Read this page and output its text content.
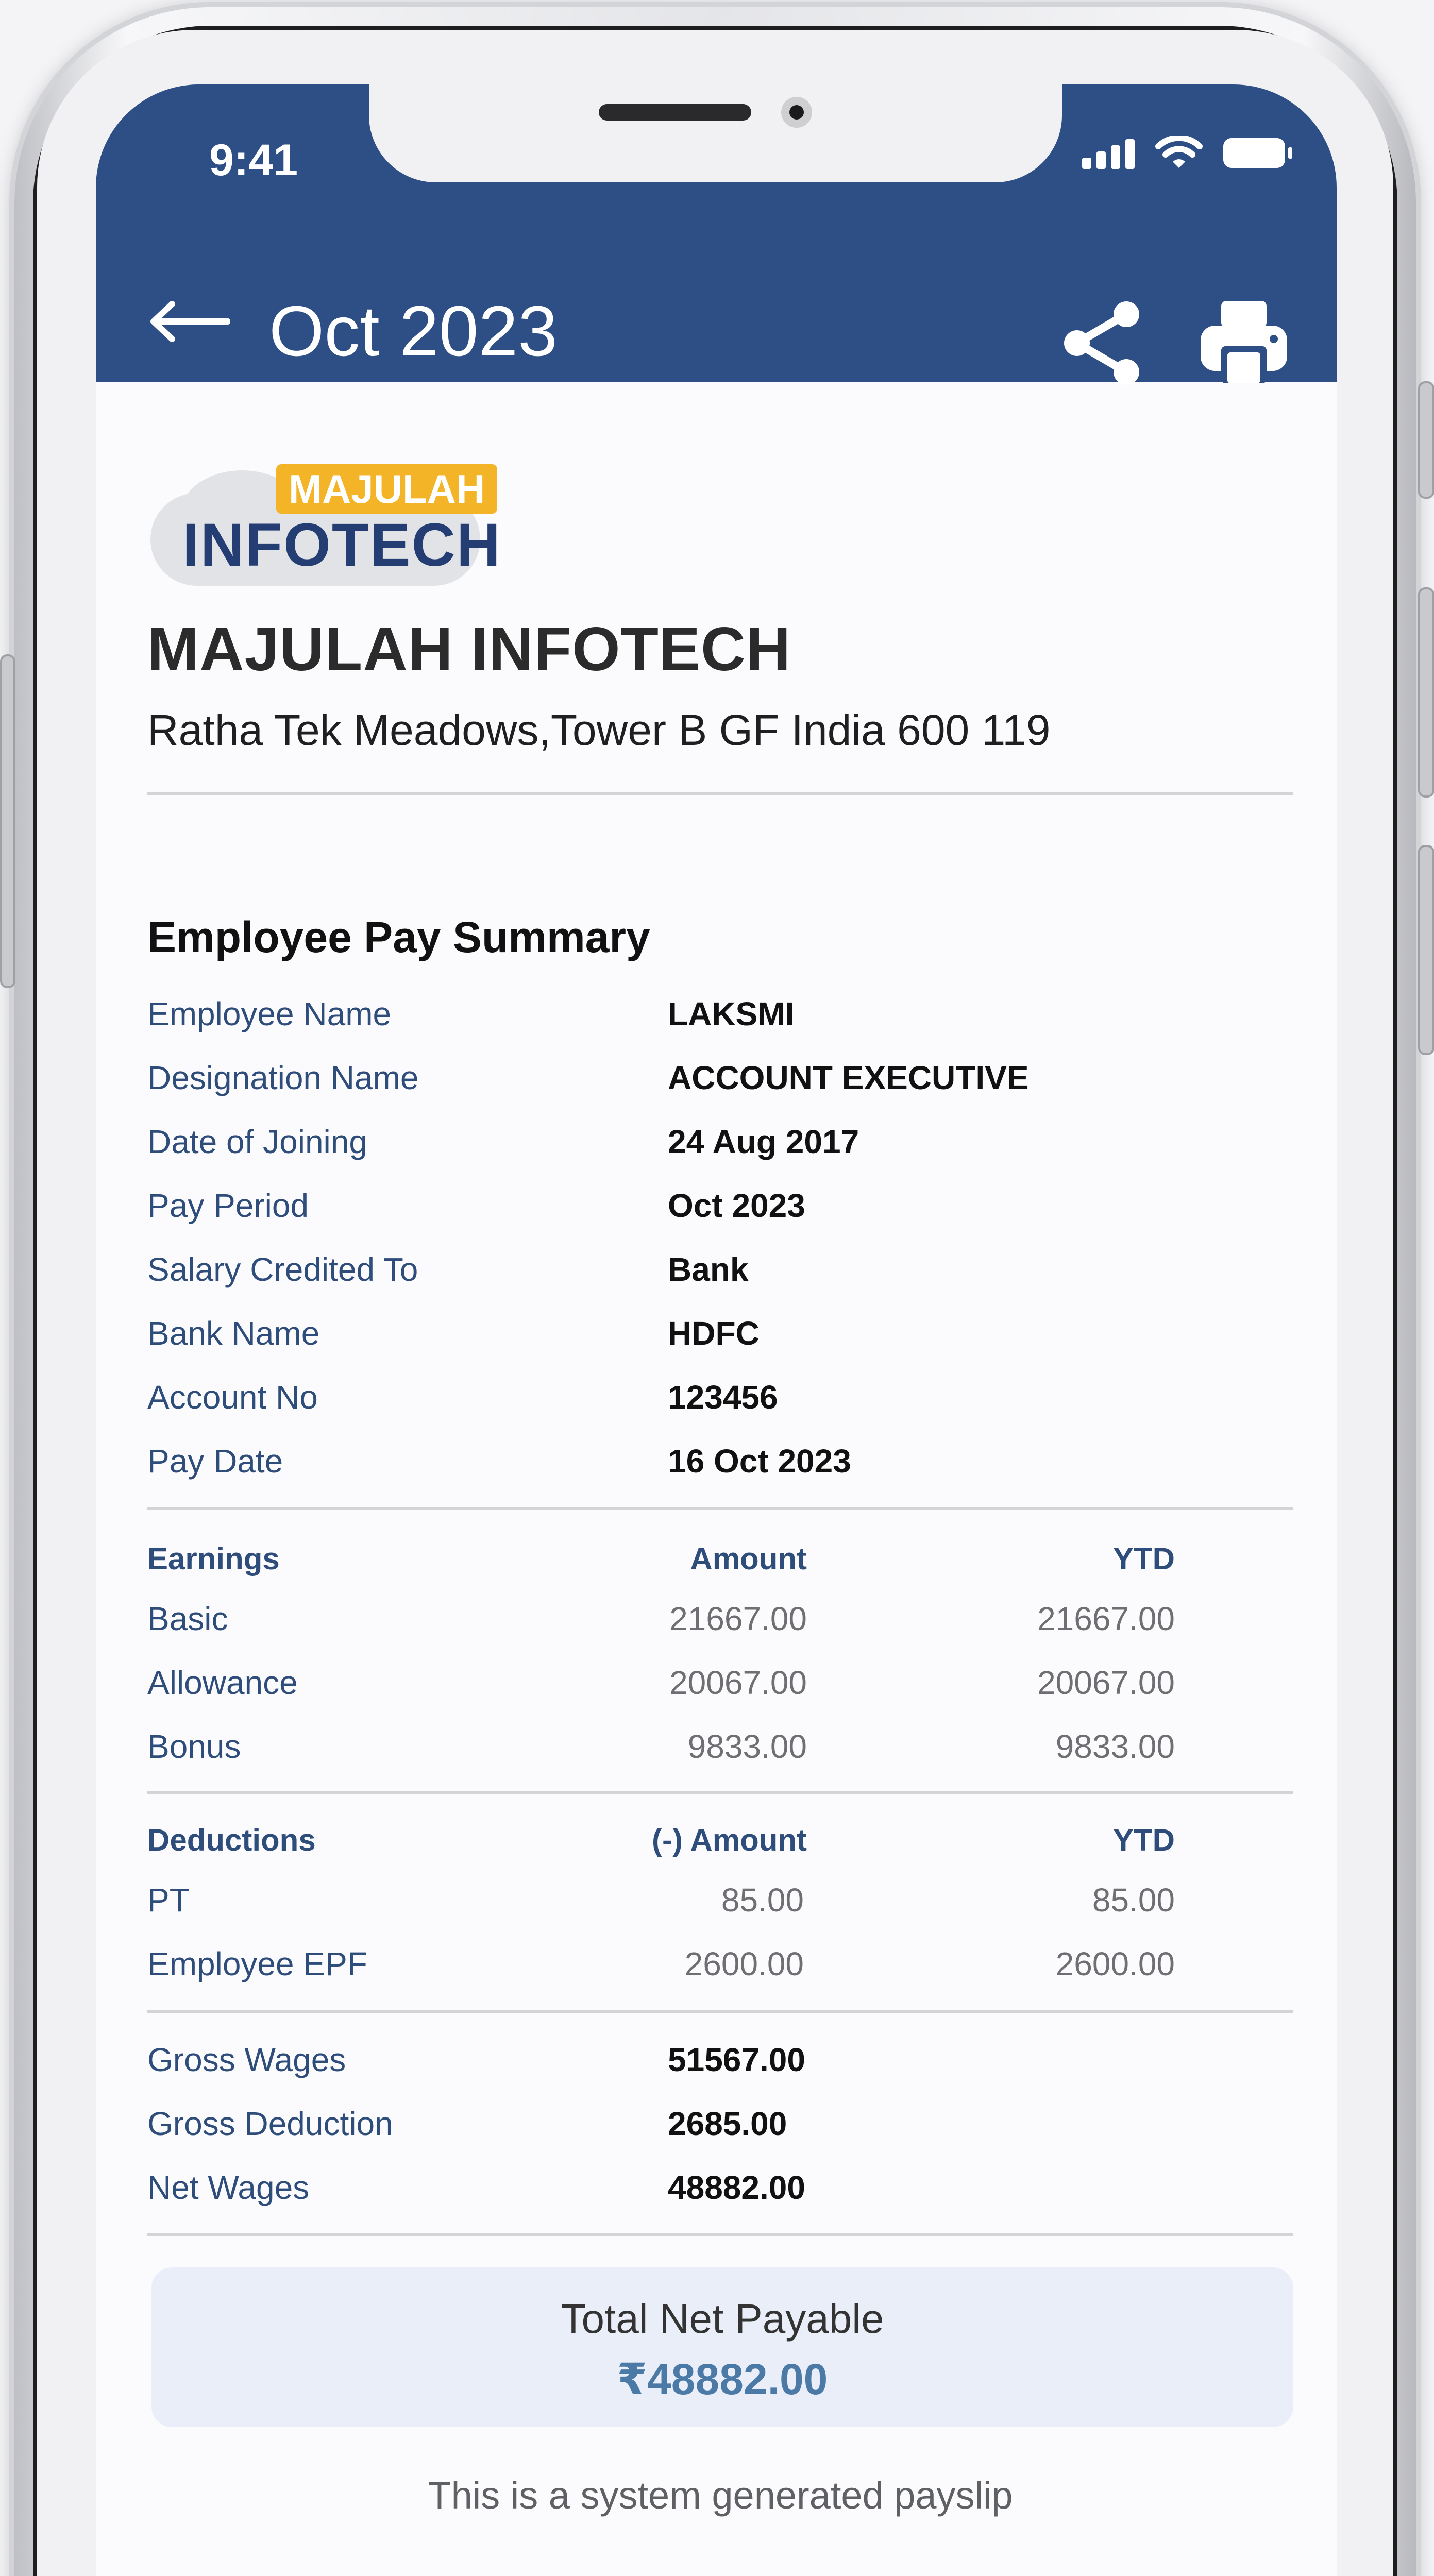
9:41
Oct 2023
MAJULAH
INFOTECH
MAJULAH INFOTECH
Ratha Tek Meadows,Tower B GF India 600 119
Employee Pay Summary
Employee Name	LAKSMI
Designation Name	ACCOUNT EXECUTIVE
Date of Joining	24 Aug 2017
Pay Period	Oct 2023
Salary Credited To	Bank
Bank Name	HDFC
Account No	123456
Pay Date	16 Oct 2023
Earnings	Amount	YTD
Basic	21667.00	21667.00
Allowance	20067.00	20067.00
Bonus	9833.00	9833.00
Deductions	(-) Amount	YTD
PT	85.00	85.00
Employee EPF	2600.00	2600.00
Gross Wages	51567.00
Gross Deduction	2685.00
Net Wages	48882.00
Total Net Payable
₹48882.00
This is a system generated payslip
